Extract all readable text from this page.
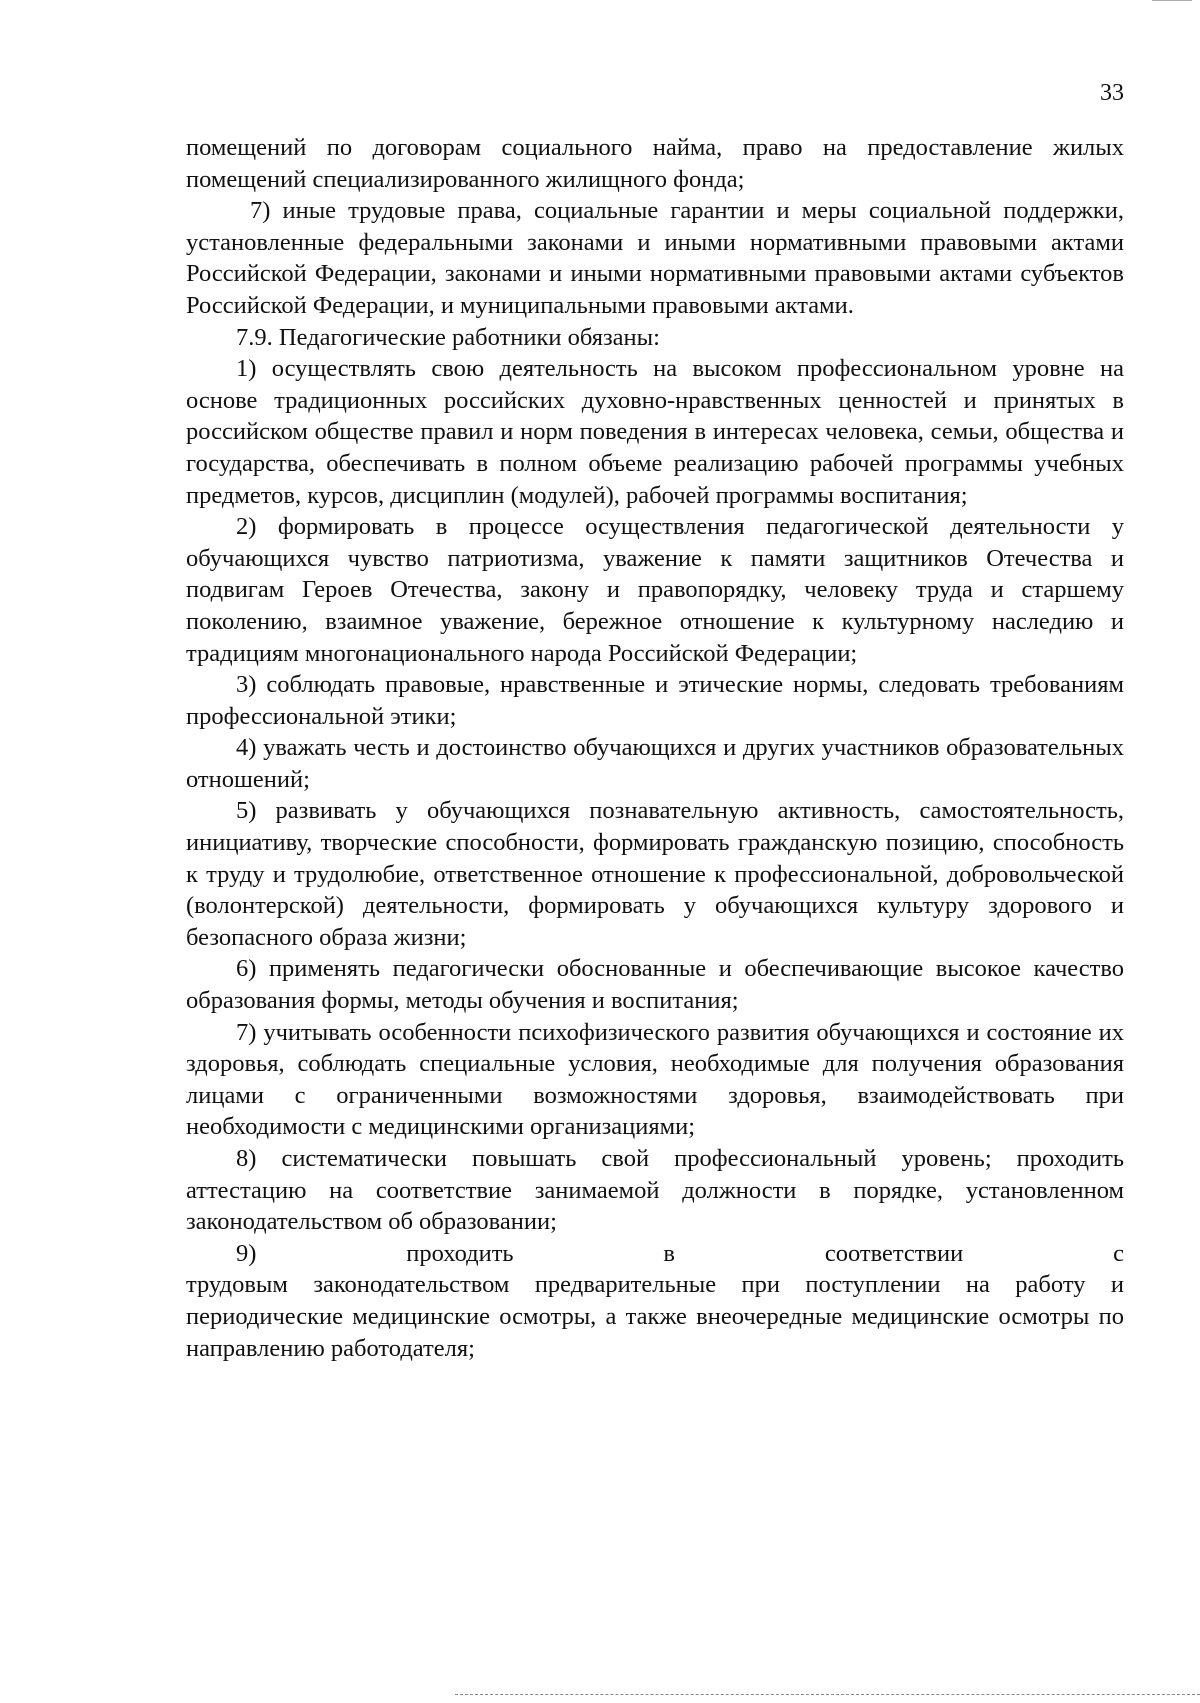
33

помещений по договорам социального найма, право на предоставление жилых помещений специализированного жилищного фонда;

7) иные трудовые права, социальные гарантии и меры социальной поддержки, установленные федеральными законами и иными нормативными правовыми актами Российской Федерации, законами и иными нормативными правовыми актами субъектов Российской Федерации, и муниципальными правовыми актами.

7.9. Педагогические работники обязаны:

1) осуществлять свою деятельность на высоком профессиональном уровне на основе традиционных российских духовно-нравственных ценностей и принятых в российском обществе правил и норм поведения в интересах человека, семьи, общества и государства, обеспечивать в полном объеме реализацию рабочей программы учебных предметов, курсов, дисциплин (модулей), рабочей программы воспитания;

2) формировать в процессе осуществления педагогической деятельности у обучающихся чувство патриотизма, уважение к памяти защитников Отечества и подвигам Героев Отечества, закону и правопорядку, человеку труда и старшему поколению, взаимное уважение, бережное отношение к культурному наследию и традициям многонационального народа Российской Федерации;

3) соблюдать правовые, нравственные и этические нормы, следовать требованиям профессиональной этики;

4) уважать честь и достоинство обучающихся и других участников образовательных отношений;

5) развивать у обучающихся познавательную активность, самостоятельность, инициативу, творческие способности, формировать гражданскую позицию, способность к труду и трудолюбие, ответственное отношение к профессиональной, добровольческой (волонтерской) деятельности, формировать у обучающихся культуру здорового и безопасного образа жизни;

6) применять педагогически обоснованные и обеспечивающие высокое качество образования формы, методы обучения и воспитания;

7) учитывать особенности психофизического развития обучающихся и состояние их здоровья, соблюдать специальные условия, необходимые для получения образования лицами с ограниченными возможностями здоровья, взаимодействовать при необходимости с медицинскими организациями;

8) систематически повышать свой профессиональный уровень; проходить аттестацию на соответствие занимаемой должности в порядке, установленном законодательством об образовании;

9) проходить в соответствии с

трудовым законодательством предварительные при поступлении на работу и периодические медицинские осмотры, а также внеочередные медицинские осмотры по направлению работодателя;
